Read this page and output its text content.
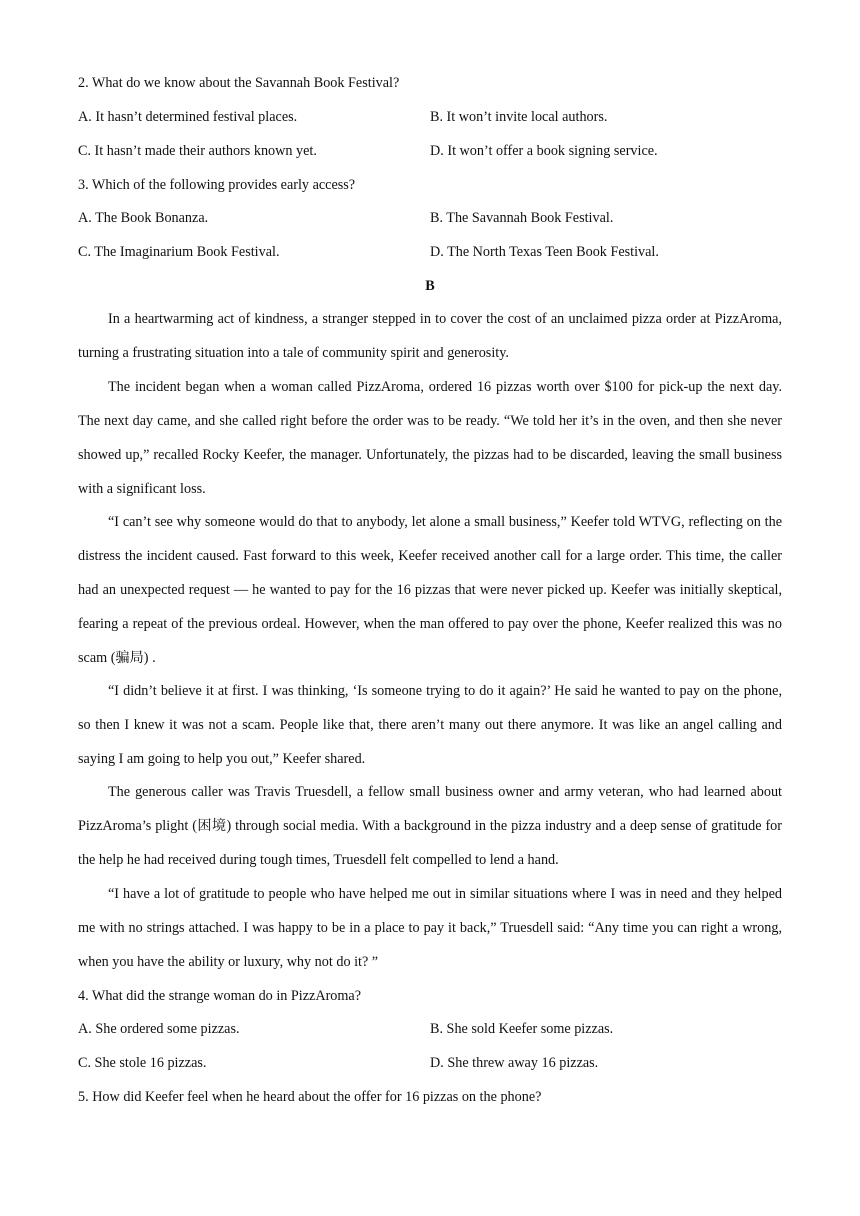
2. What do we know about the Savannah Book Festival?
A. It hasn’t determined festival places.	B. It won’t invite local authors.
C. It hasn’t made their authors known yet.	D. It won’t offer a book signing service.
3. Which of the following provides early access?
A. The Book Bonanza.	B. The Savannah Book Festival.
C. The Imaginarium Book Festival.	D. The North Texas Teen Book Festival.
B

In a heartwarming act of kindness, a stranger stepped in to cover the cost of an unclaimed pizza order at PizzAroma, turning a frustrating situation into a tale of community spirit and generosity.

The incident began when a woman called PizzAroma, ordered 16 pizzas worth over $100 for pick-up the next day. The next day came, and she called right before the order was to be ready. “We told her it’s in the oven, and then she never showed up,” recalled Rocky Keefer, the manager. Unfortunately, the pizzas had to be discarded, leaving the small business with a significant loss.

“I can’t see why someone would do that to anybody, let alone a small business,” Keefer told WTVG, reflecting on the distress the incident caused. Fast forward to this week, Keefer received another call for a large order. This time, the caller had an unexpected request — he wanted to pay for the 16 pizzas that were never picked up. Keefer was initially skeptical, fearing a repeat of the previous ordeal. However, when the man offered to pay over the phone, Keefer realized this was no scam (骗局) .

“I didn’t believe it at first. I was thinking, ‘Is someone trying to do it again?’ He said he wanted to pay on the phone, so then I knew it was not a scam. People like that, there aren’t many out there anymore. It was like an angel calling and saying I am going to help you out,” Keefer shared.

The generous caller was Travis Truesdell, a fellow small business owner and army veteran, who had learned about PizzAroma’s plight (困境) through social media. With a background in the pizza industry and a deep sense of gratitude for the help he had received during tough times, Truesdell felt compelled to lend a hand.

“I have a lot of gratitude to people who have helped me out in similar situations where I was in need and they helped me with no strings attached. I was happy to be in a place to pay it back,” Truesdell said: “Any time you can right a wrong, when you have the ability or luxury, why not do it? ”

4. What did the strange woman do in PizzAroma?
A. She ordered some pizzas.	B. She sold Keefer some pizzas.
C. She stole 16 pizzas.	D. She threw away 16 pizzas.
5. How did Keefer feel when he heard about the offer for 16 pizzas on the phone?
